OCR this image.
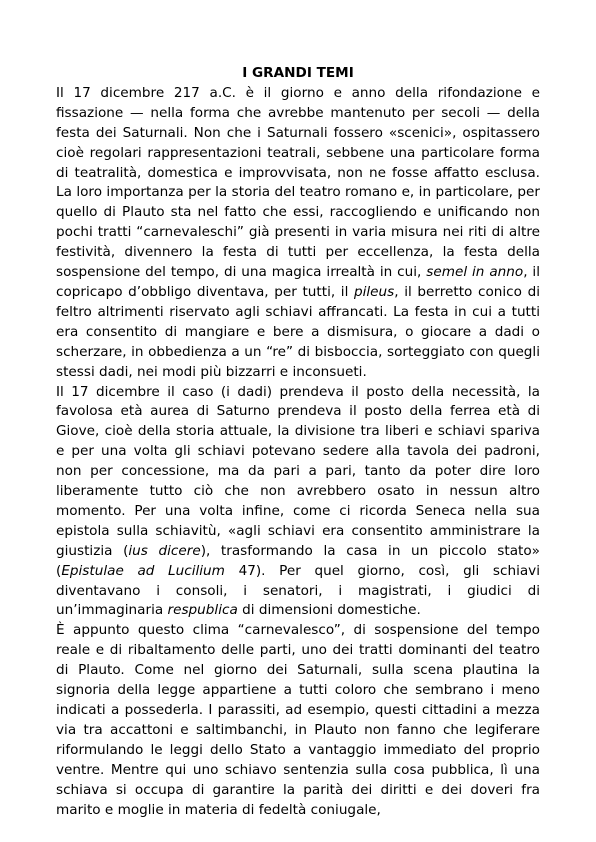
I GRANDI TEMI

Il 17 dicembre 217 a.C. è il giorno e anno della rifondazione e fissazione — nella forma che avrebbe mantenuto per secoli — della festa dei Saturnali. Non che i Saturnali fossero «scenici», ospitassero cioè regolari rappresentazioni teatrali, sebbene una particolare forma di teatralità, domestica e improvvisata, non ne fosse affatto esclusa. La loro importanza per la storia del teatro romano e, in particolare, per quello di Plauto sta nel fatto che essi, raccogliendo e unificando non pochi tratti “carnevaleschi” già presenti in varia misura nei riti di altre festività, divennero la festa di tutti per eccellenza, la festa della sospensione del tempo, di una magica irrealtà in cui, semel in anno, il copricapo d’obbligo diventava, per tutti, il pileus, il berretto conico di feltro altrimenti riservato agli schiavi affrancati. La festa in cui a tutti era consentito di mangiare e bere a dismisura, o giocare a dadi o scherzare, in obbedienza a un “re” di bisboccia, sorteggiato con quegli stessi dadi, nei modi più bizzarri e inconsueti.

Il 17 dicembre il caso (i dadi) prendeva il posto della necessità, la favolosa età aurea di Saturno prendeva il posto della ferrea età di Giove, cioè della storia attuale, la divisione tra liberi e schiavi spariva e per una volta gli schiavi potevano sedere alla tavola dei padroni, non per concessione, ma da pari a pari, tanto da poter dire loro liberamente tutto ciò che non avrebbero osato in nessun altro momento. Per una volta infine, come ci ricorda Seneca nella sua epistola sulla schiavitù, «agli schiavi era consentito amministrare la giustizia (ius dicere), trasformando la casa in un piccolo stato» (Epistulae ad Lucilium 47). Per quel giorno, così, gli schiavi diventavano i consoli, i senatori, i magistrati, i giudici di un’immaginaria respublica di dimensioni domestiche.

È appunto questo clima “carnevalesco”, di sospensione del tempo reale e di ribaltamento delle parti, uno dei tratti dominanti del teatro di Plauto. Come nel giorno dei Saturnali, sulla scena plautina la signoria della legge appartiene a tutti coloro che sembrano i meno indicati a possederla. I parassiti, ad esempio, questi cittadini a mezza via tra accattoni e saltimbanchi, in Plauto non fanno che legiferare riformulando le leggi dello Stato a vantaggio immediato del proprio ventre. Mentre qui uno schiavo sentenzia sulla cosa pubblica, lì una schiava si occupa di garantire la parità dei diritti e dei doveri fra marito e moglie in materia di fedeltà coniugale,
